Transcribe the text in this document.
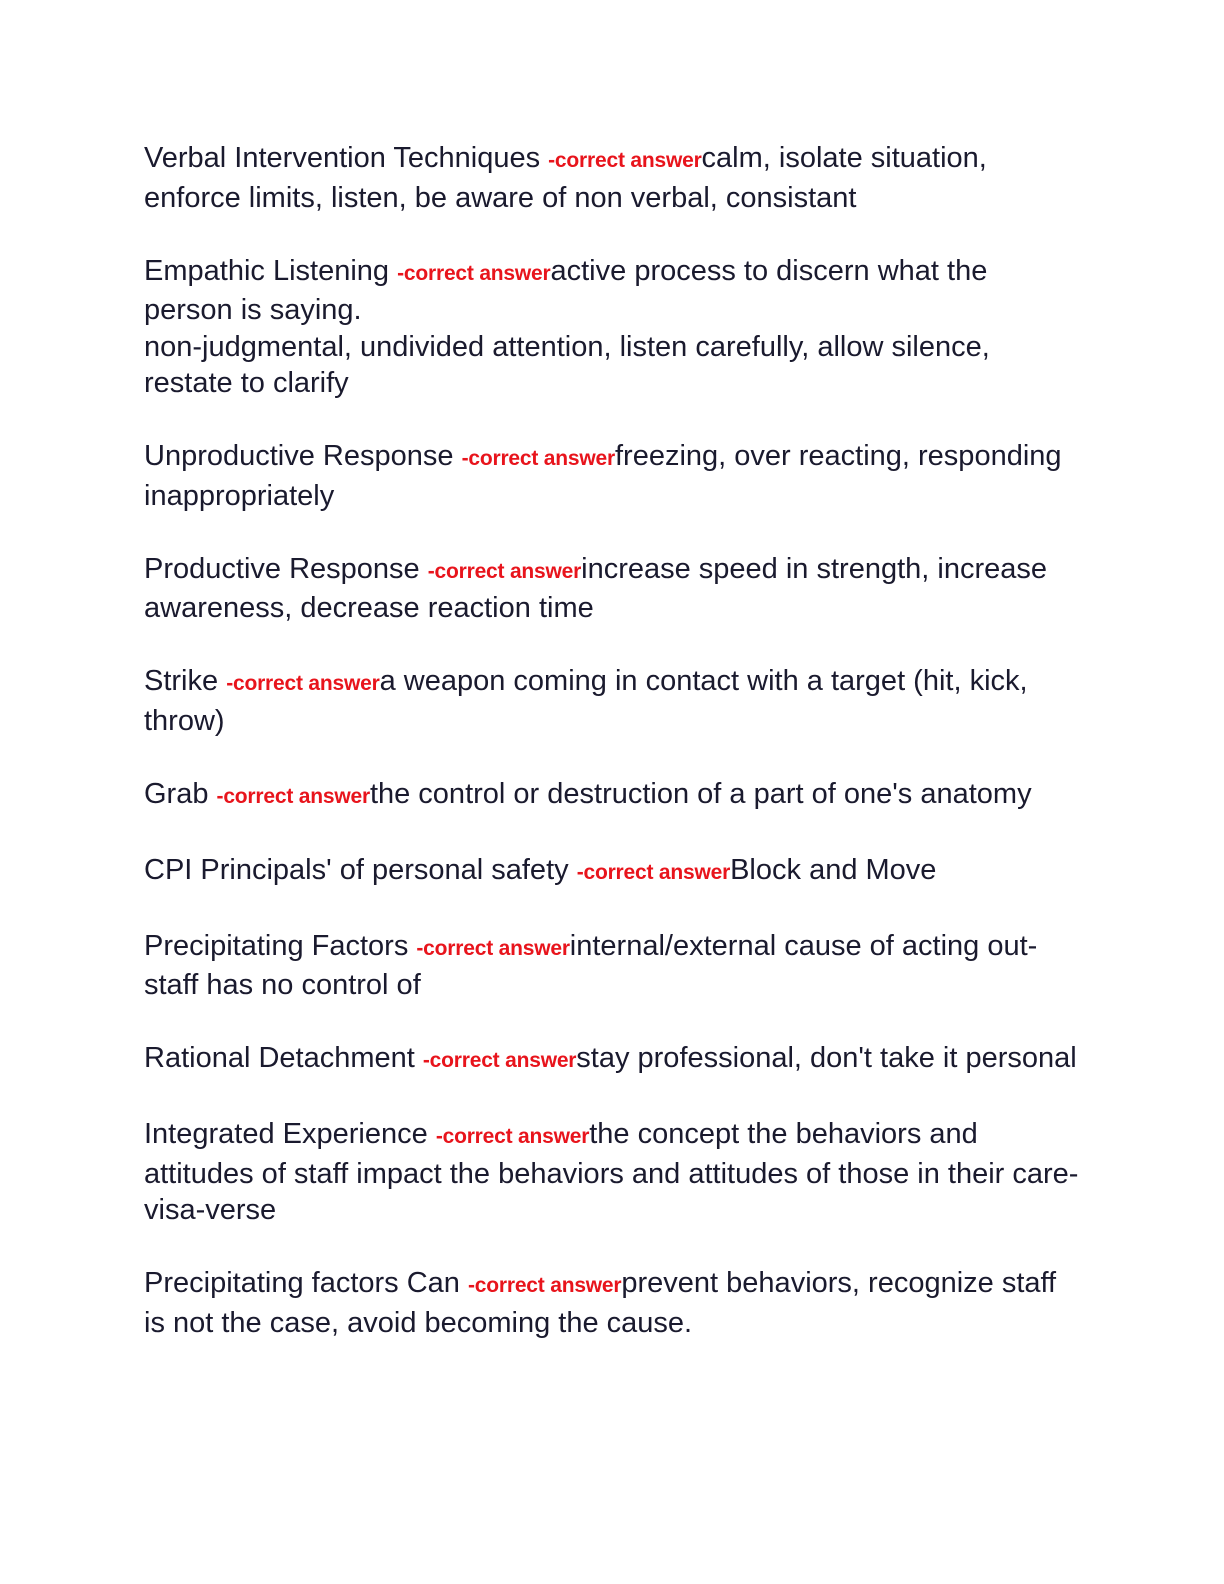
Verbal Intervention Techniques -correct answercalm, isolate situation, enforce limits, listen, be aware of non verbal, consistant
Empathic Listening -correct answeractive process to discern what the person is saying.
non-judgmental, undivided attention, listen carefully, allow silence, restate to clarify
Unproductive Response -correct answerfreezing, over reacting, responding inappropriately
Productive Response -correct answerincrease speed in strength, increase awareness, decrease reaction time
Strike -correct answera weapon coming in contact with a target (hit, kick, throw)
Grab -correct answerthe control or destruction of a part of one's anatomy
CPI Principals' of personal safety -correct answerBlock and Move
Precipitating Factors -correct answerinternal/external cause of acting out-staff has no control of
Rational Detachment -correct answerstay professional, don't take it personal
Integrated Experience -correct answerthe concept the behaviors and attitudes of staff impact the behaviors and attitudes of those in their care- visa-verse
Precipitating factors Can -correct answerprevent behaviors, recognize staff is not the case, avoid becoming the cause.
